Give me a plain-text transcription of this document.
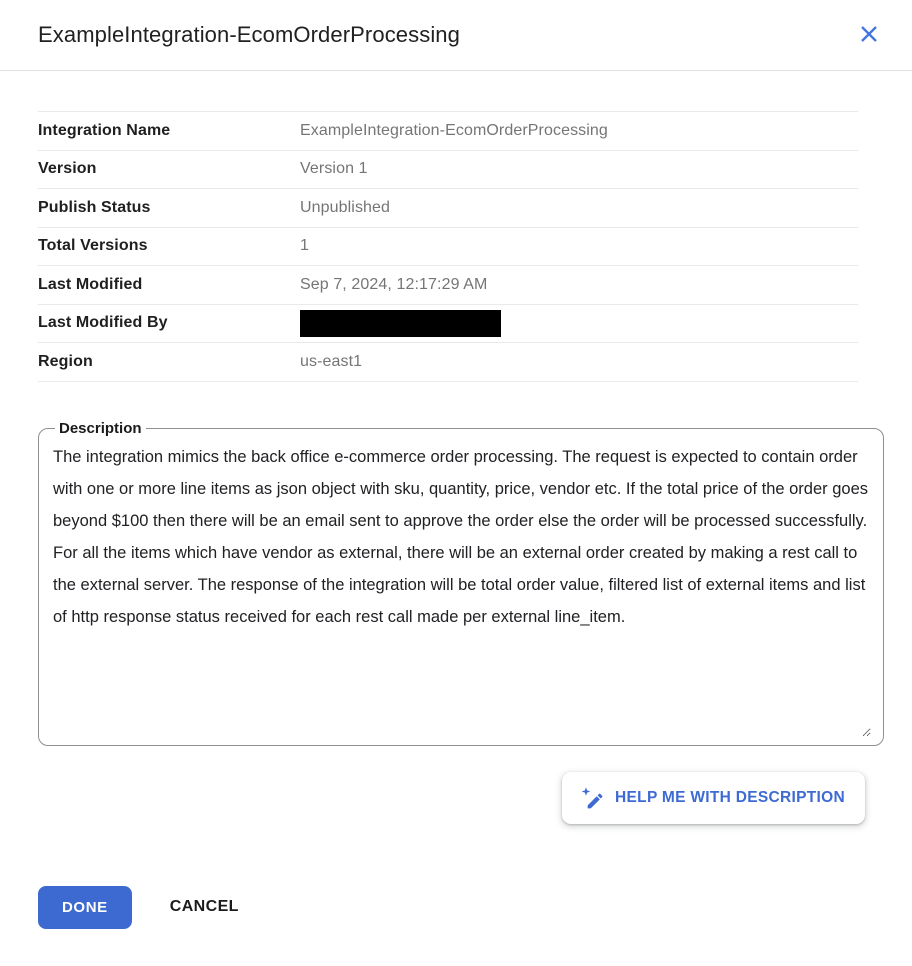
ExampleIntegration-EcomOrderProcessing
Integration Name	ExampleIntegration-EcomOrderProcessing
Version	Version 1
Publish Status	Unpublished
Total Versions	1
Last Modified	Sep 7, 2024, 12:17:29 AM
Last Modified By
Region	us-east1
Description
The integration mimics the back office e-commerce order processing. The request is expected to contain order with one or more line items as json object with sku, quantity, price, vendor etc. If the total price of the order goes beyond $100 then there will be an email sent to approve the order else the order will be processed successfully. For all the items which have vendor as external, there will be an external order created by making a rest call to the external server. The response of the integration will be total order value, filtered list of external items and list of http response status received for each rest call made per external line_item.
HELP ME WITH DESCRIPTION
DONE	CANCEL
